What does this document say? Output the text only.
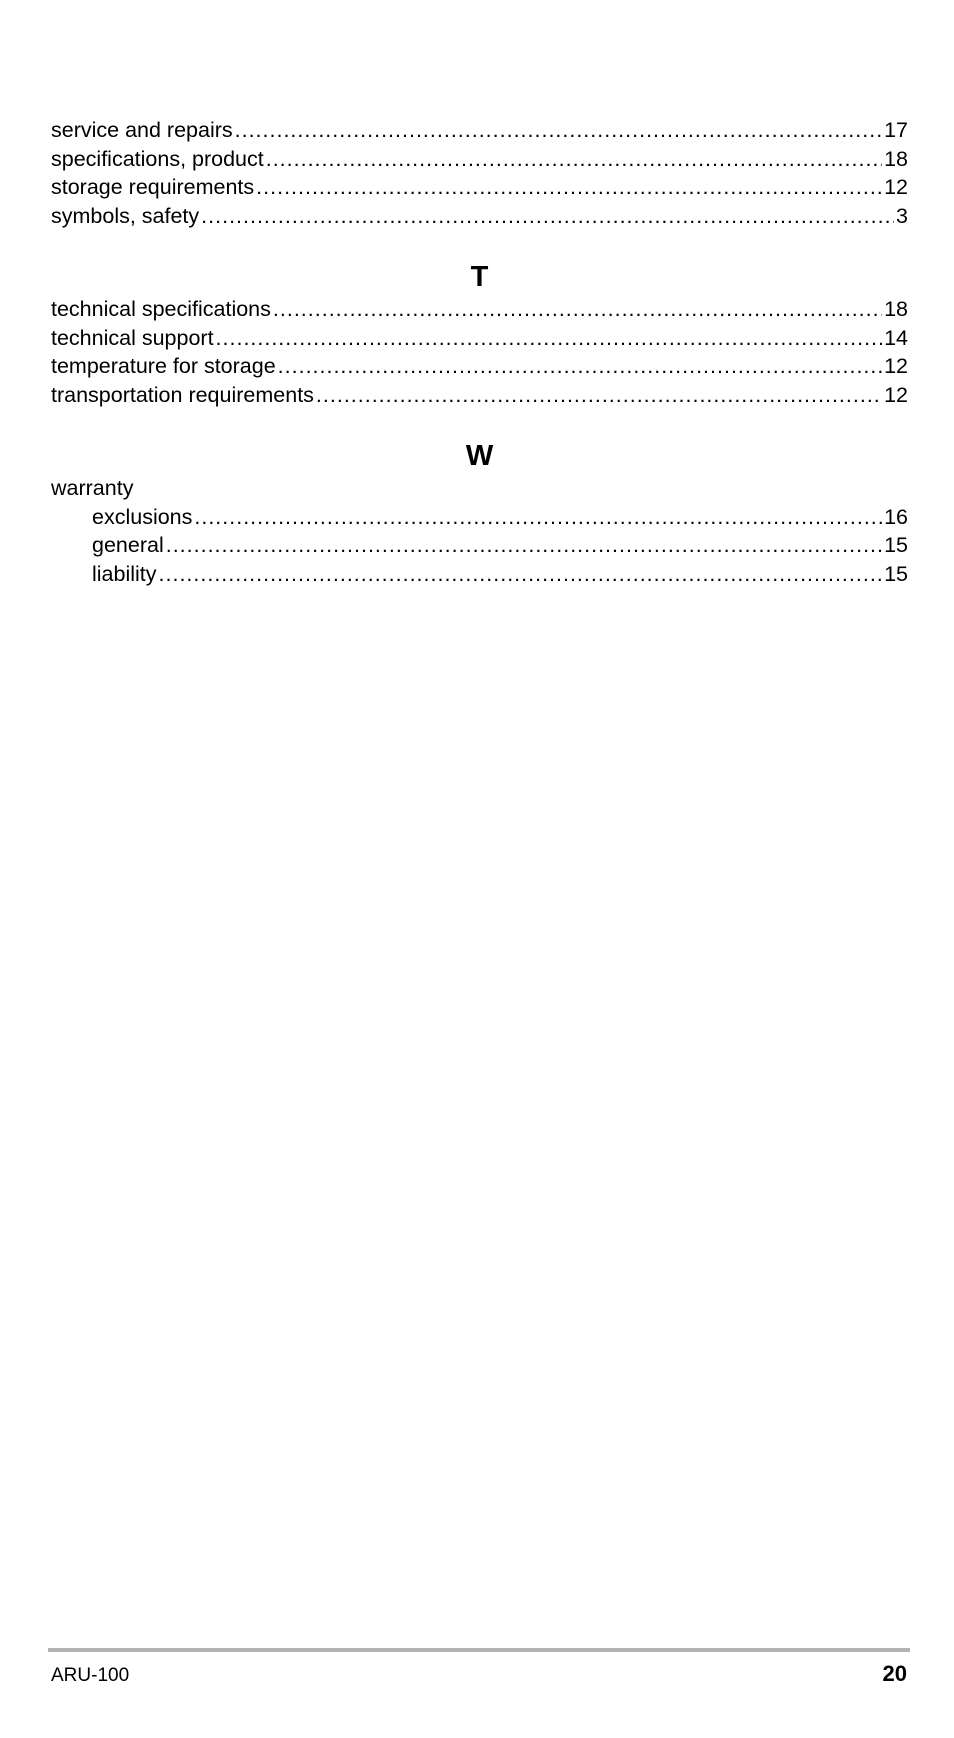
service and repairs .....	17
specifications, product .....	18
storage requirements .....	12
symbols, safety .....	3
T
technical specifications .....	18
technical support .....	14
temperature for storage .....	12
transportation requirements .....	12
W
warranty
exclusions .....	16
general .....	15
liability .....	15
ARU-100	20
